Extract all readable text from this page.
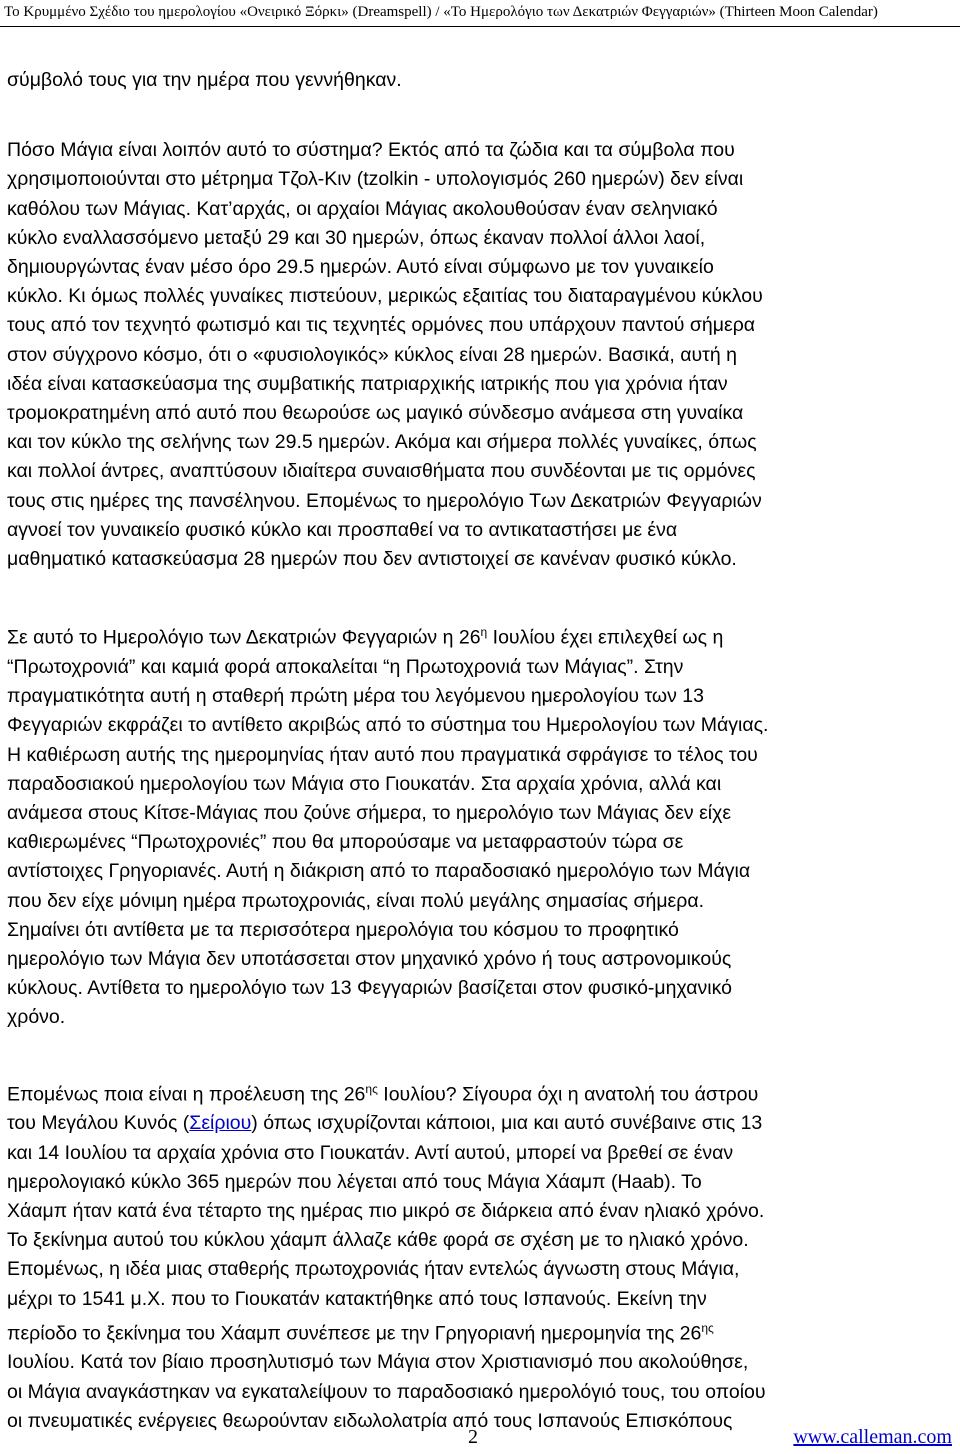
Το Κρυμμένο Σχέδιο του ημερολογίου «Ονειρικό Ξόρκι» (Dreamspell) / «Το Ημερολόγιο των Δεκατριών Φεγγαριών» (Thirteen Moon Calendar)

σύμβολό τους για την ημέρα που γεννήθηκαν.

Πόσο Μάγια είναι λοιπόν αυτό το σύστημα? Εκτός από τα ζώδια και τα σύμβολα που
χρησιμοποιούνται στο μέτρημα Τζολ-Κιν (tzolkin - υπολογισμός 260 ημερών) δεν είναι
καθόλου των Μάγιας. Κατ’αρχάς, οι αρχαίοι Μάγιας ακολουθούσαν έναν σεληνιακό
κύκλο εναλλασσόμενο μεταξύ 29 και 30 ημερών, όπως έκαναν πολλοί άλλοι λαοί,
δημιουργώντας έναν μέσο όρο 29.5 ημερών. Αυτό είναι σύμφωνο με τον γυναικείο
κύκλο. Κι όμως πολλές γυναίκες πιστεύουν, μερικώς εξαιτίας του διαταραγμένου κύκλου
τους από τον τεχνητό φωτισμό και τις τεχνητές ορμόνες που υπάρχουν παντού σήμερα
στον σύγχρονο κόσμο, ότι ο «φυσιολογικός» κύκλος είναι 28 ημερών. Βασικά, αυτή η
ιδέα είναι κατασκεύασμα της συμβατικής πατριαρχικής ιατρικής που για χρόνια ήταν
τρομοκρατημένη από αυτό που θεωρούσε ως μαγικό σύνδεσμο ανάμεσα στη γυναίκα
και τον κύκλο της σελήνης των 29.5 ημερών. Ακόμα και σήμερα πολλές γυναίκες, όπως
και πολλοί άντρες, αναπτύσουν ιδιαίτερα συναισθήματα που συνδέονται με τις ορμόνες
τους στις ημέρες της πανσέληνου. Επομένως το ημερολόγιο Των Δεκατριών Φεγγαριών
αγνοεί τον γυναικείο φυσικό κύκλο και προσπαθεί να το αντικαταστήσει με ένα
μαθηματικό κατασκεύασμα 28 ημερών που δεν αντιστοιχεί σε κανέναν φυσικό κύκλο.

Σε αυτό το Ημερολόγιο των Δεκατριών Φεγγαριών η $26^\eta$ Ιουλίου έχει επιλεχθεί ως η
“Πρωτοχρονιά” και καμιά φορά αποκαλείται “η Πρωτοχρονιά των Μάγιας”. Στην
πραγματικότητα αυτή η σταθερή πρώτη μέρα του λεγόμενου ημερολογίου των 13
Φεγγαριών εκφράζει το αντίθετο ακριβώς από το σύστημα του Ημερολογίου των Μάγιας.
Η καθιέρωση αυτής της ημερομηνίας ήταν αυτό που πραγματικά σφράγισε το τέλος του
παραδοσιακού ημερολογίου των Μάγια στο Γιουκατάν. Στα αρχαία χρόνια, αλλά και
ανάμεσα στους Κίτσε-Μάγιας που ζούνε σήμερα, το ημερολόγιο των Μάγιας δεν είχε
καθιερωμένες “Πρωτοχρονιές” που θα μπορούσαμε να μεταφραστούν τώρα σε
αντίστοιχες Γρηγοριανές. Αυτή η διάκριση από το παραδοσιακό ημερολόγιο των Μάγια
που δεν είχε μόνιμη ημέρα πρωτοχρονιάς, είναι πολύ μεγάλης σημασίας σήμερα.
Σημαίνει ότι αντίθετα με τα περισσότερα ημερολόγια του κόσμου το προφητικό
ημερολόγιο των Μάγια δεν υποτάσσεται στον μηχανικό χρόνο ή τους αστρονομικούς
κύκλους. Αντίθετα το ημερολόγιο των 13 Φεγγαριών βασίζεται στον φυσικό-μηχανικό
χρόνο.

Επομένως ποια είναι η προέλευση της $26^{\eta\varsigma}$ Ιουλίου? Σίγουρα όχι η ανατολή του άστρου
του Μεγάλου Κυνός (Σείριου) όπως ισχυρίζονται κάποιοι, μια και αυτό συνέβαινε στις 13
και 14 Ιουλίου τα αρχαία χρόνια στο Γιουκατάν. Αντί αυτού, μπορεί να βρεθεί σε έναν
ημερολογιακό κύκλο 365 ημερών που λέγεται από τους Μάγια Χάαμπ (Haab). Το
Χάαμπ ήταν κατά ένα τέταρτο της ημέρας πιο μικρό σε διάρκεια από έναν ηλιακό χρόνο.
Το ξεκίνημα αυτού του κύκλου χάαμπ άλλαζε κάθε φορά σε σχέση με το ηλιακό χρόνο.
Επομένως, η ιδέα μιας σταθερής πρωτοχρονιάς ήταν εντελώς άγνωστη στους Μάγια,
μέχρι το 1541 μ.Χ. που το Γιουκατάν κατακτήθηκε από τους Ισπανούς. Εκείνη την
περίοδο το ξεκίνημα του Χάαμπ συνέπεσε με την Γρηγοριανή ημερομηνία της $26^{\eta\varsigma}$
Ιουλίου. Κατά τον βίαιο προσηλυτισμό των Μάγια στον Χριστιανισμό που ακολούθησε,
οι Μάγια αναγκάστηκαν να εγκαταλείψουν το παραδοσιακό ημερολόγιό τους, του οποίου
οι πνευματικές ενέργειες θεωρούνταν ειδωλολατρία από τους Ισπανούς Επισκόπους

2	www.calleman.com
